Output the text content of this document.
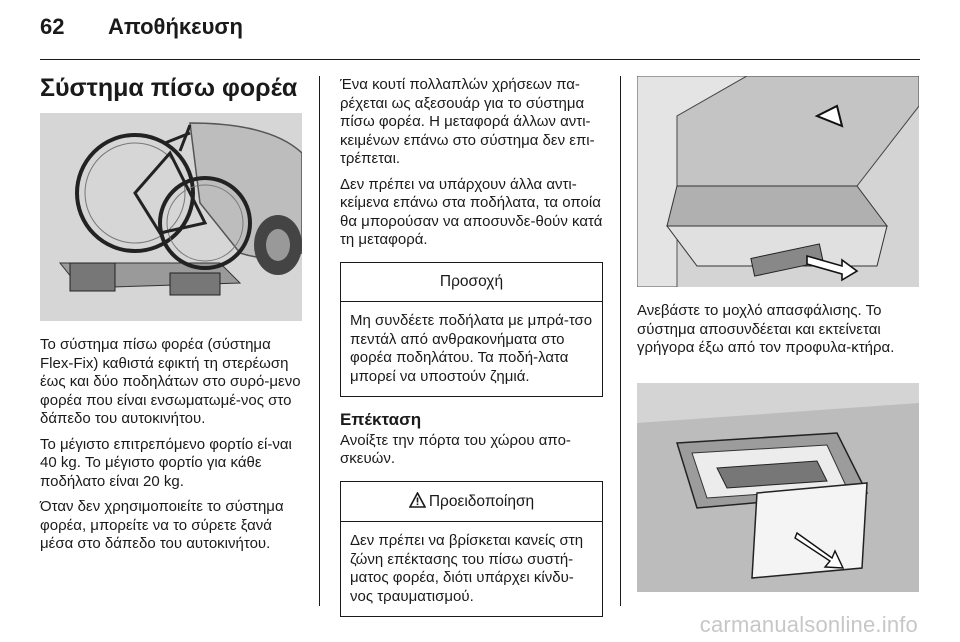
62 Αποθήκευση
Σύστημα πίσω φορέα

Το σύστημα πίσω φορέα (σύστημα Flex-Fix) καθιστά εφικτή τη στερέωση έως και δύο ποδηλάτων στο συρό-μενο φορέα που είναι ενσωματωμέ-νος στο δάπεδο του αυτοκινήτου.

Το μέγιστο επιτρεπόμενο φορτίο εί-ναι 40 kg. Το μέγιστο φορτίο για κάθε ποδήλατο είναι 20 kg.

Όταν δεν χρησιμοποιείτε το σύστημα φορέα, μπορείτε να το σύρετε ξανά μέσα στο δάπεδο του αυτοκινήτου.

Ένα κουτί πολλαπλών χρήσεων πα-ρέχεται ως αξεσουάρ για το σύστημα πίσω φορέα. Η μεταφορά άλλων αντι-κειμένων επάνω στο σύστημα δεν επι-τρέπεται.

Δεν πρέπει να υπάρχουν άλλα αντι-κείμενα επάνω στα ποδήλατα, τα οποία θα μπορούσαν να αποσυνδε-θούν κατά τη μεταφορά.

Προσοχή

Μη συνδέετε ποδήλατα με μπρά-τσο πεντάλ από ανθρακονήματα στο φορέα ποδηλάτου. Τα ποδή-λατα μπορεί να υποστούν ζημιά.

Επέκταση

Ανοίξτε την πόρτα του χώρου απο-σκευών.

Προειδοποίηση

Δεν πρέπει να βρίσκεται κανείς στη ζώνη επέκτασης του πίσω συστή-ματος φορέα, διότι υπάρχει κίνδυ-νος τραυματισμού.

Ανεβάστε το μοχλό απασφάλισης. Το σύστημα αποσυνδέεται και εκτείνεται γρήγορα έξω από τον προφυλα-κτήρα.

carmanualsonline.info
